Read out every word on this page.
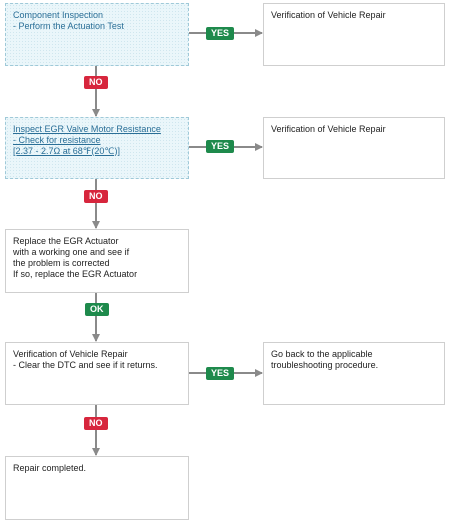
Component Inspection
- Perform the Actuation Test
Verification of Vehicle Repair
YES
NO
Inspect EGR Valve Motor Resistance
- Check for resistance
[2.37 - 2.7Ω at 68℉(20℃)]
Verification of Vehicle Repair
YES
NO
Replace the EGR Actuator
with a working one and see if
the problem is corrected
If so, replace the EGR Actuator
OK
Verification of Vehicle Repair
- Clear the DTC and see if it returns.
Go back to the applicable
troubleshooting procedure.
YES
NO
Repair completed.
